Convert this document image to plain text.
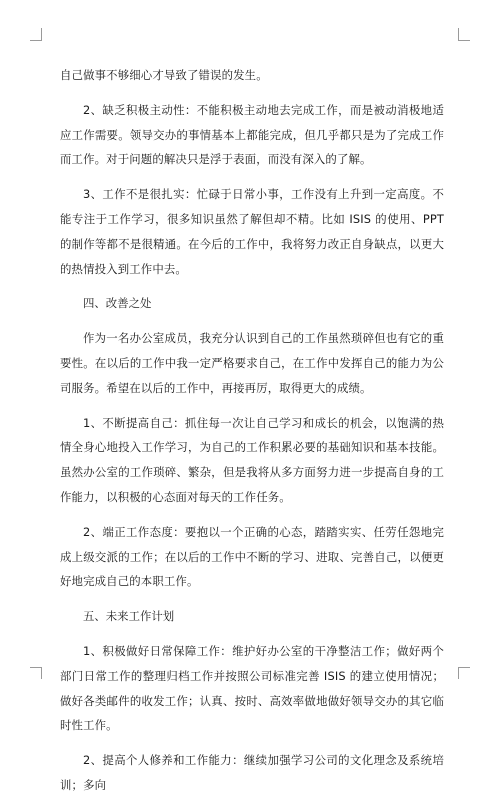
自己做事不够细心才导致了错误的发生。

2、缺乏积极主动性：不能积极主动地去完成工作，而是被动消极地适应工作需要。领导交办的事情基本上都能完成，但几乎都只是为了完成工作而工作。对于问题的解决只是浮于表面，而没有深入的了解。

3、工作不是很扎实：忙碌于日常小事，工作没有上升到一定高度。不能专注于工作学习，很多知识虽然了解但却不精。比如 ISIS 的使用、PPT 的制作等都不是很精通。在今后的工作中，我将努力改正自身缺点，以更大的热情投入到工作中去。

四、改善之处

作为一名办公室成员，我充分认识到自己的工作虽然琐碎但也有它的重要性。在以后的工作中我一定严格要求自己，在工作中发挥自己的能力为公司服务。希望在以后的工作中，再接再厉，取得更大的成绩。

1、不断提高自己：抓住每一次让自己学习和成长的机会，以饱满的热情全身心地投入工作学习，为自己的工作积累必要的基础知识和基本技能。虽然办公室的工作琐碎、繁杂，但是我将从多方面努力进一步提高自身的工作能力，以积极的心态面对每天的工作任务。

2、端正工作态度：要抱以一个正确的心态，踏踏实实、任劳任怨地完成上级交派的工作；在以后的工作中不断的学习、进取、完善自己，以便更好地完成自己的本职工作。

五、未来工作计划

1、积极做好日常保障工作：维护好办公室的干净整洁工作；做好两个部门日常工作的整理归档工作并按照公司标准完善 ISIS 的建立使用情况；做好各类邮件的收发工作；认真、按时、高效率做地做好领导交办的其它临时性工作。

2、提高个人修养和工作能力：继续加强学习公司的文化理念及系统培训；多向
